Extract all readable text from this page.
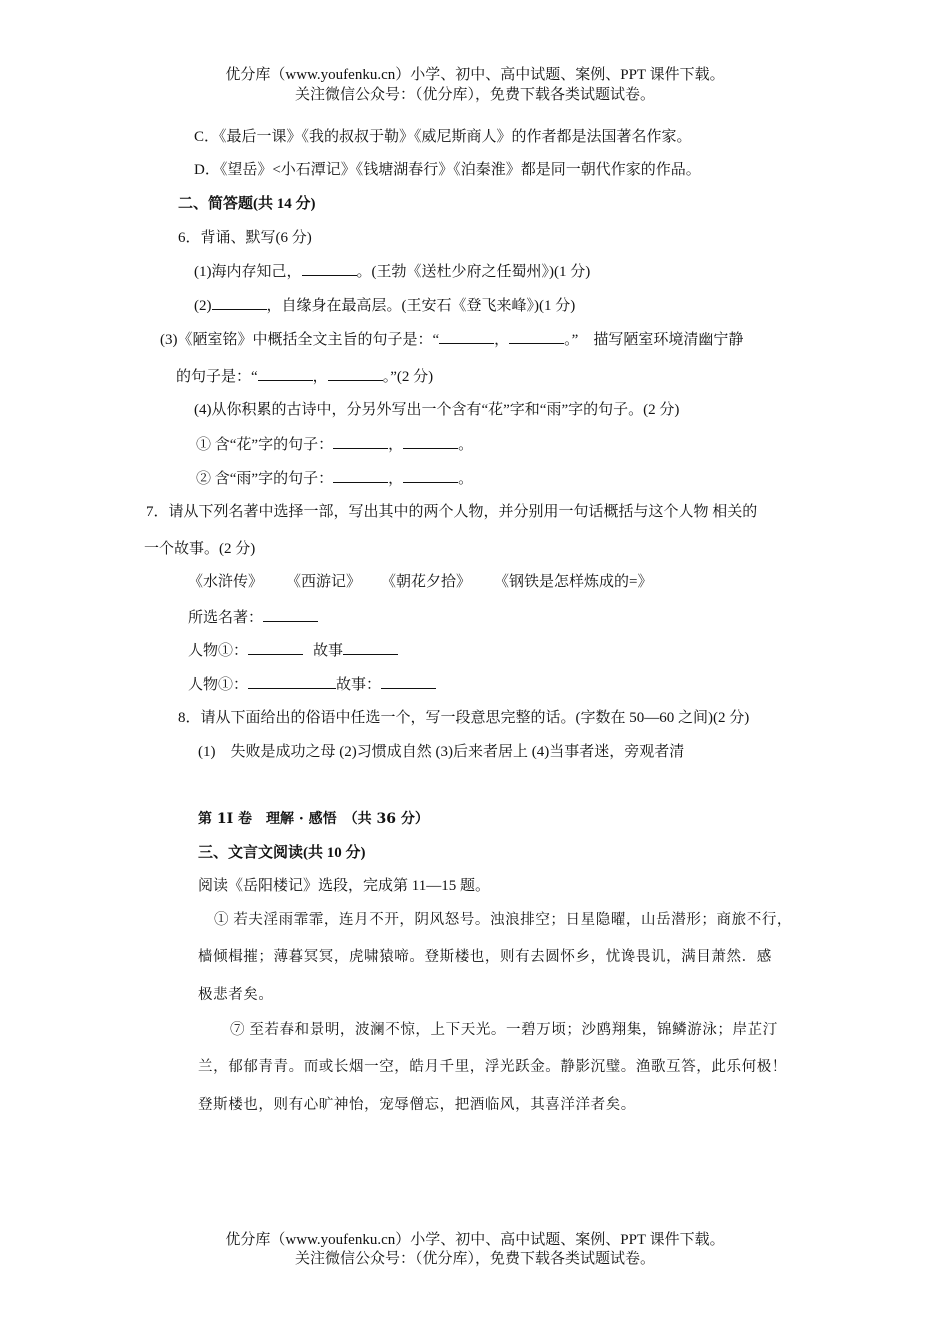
优分库（www.youfenku.cn）小学、初中、高中试题、案例、PPT 课件下载。
关注微信公众号：（优分库），免费下载各类试题试卷。
C．《最后一课》《我的叔叔于勒》《威尼斯商人》的作者都是法国著名作家。
D．《望岳》<小石潭记》《钱塘湖春行》《泊秦淮》都是同一朝代作家的作品。
二、简答题(共 14 分)
6．背诵、默写(6 分)
(1)海内存知己，	。(王勃《送杜少府之任蜀州》)(1 分)
(2)	，自缘身在最高层。(王安石《登飞来峰》)(1 分)
(3)《陋室铭》中概括全文主旨的句子是：“	，	。”　描写陋室环境清幽宁静
的句子是：“	，	。”(2 分)
(4)从你积累的古诗中，分另外写出一个含有“花”字和“雨”字的句子。(2 分)
① 含“花”字的句子：	，	。
② 含“雨”字的句子：	，	。
7．请从下列名著中选择一部，写出其中的两个人物，并分别用一句话概括与这个人物 相关的
一个故事。(2 分)
《水浒传》 《西游记》 《朝花夕拾》 《钢铁是怎样炼成的=》
所选名著：
人物①：	故事
人物①：	故事：
8．请从下面给出的俗语中任选一个，写一段意思完整的话。(字数在 50—60 之间)(2 分)
(1)　失败是成功之母 (2)习惯成自然 (3)后来者居上 (4)当事者迷，旁观者清
第 1I 卷　理解 · 感悟　（共 36 分）
三、文言文阅读(共 10 分)
阅读《岳阳楼记》选段，完成第 11—15 题。
① 若夫淫雨霏霏，连月不开，阴风怒号。浊浪排空；日星隐曜，山岳潜形；商旅不行，
樯倾楫摧；薄暮冥冥，虎啸猿啼。登斯楼也，则有去圆怀乡，忧谗畏讥，满目萧然．感
极悲者矣。
⑦ 至若春和景明，波澜不惊，上下天光。一碧万顷；沙鸥翔集，锦鳞游泳；岸芷汀
兰，郁郁青青。而或长烟一空，皓月千里，浮光跃金。静影沉璧。渔歌互答，此乐何极！
登斯楼也，则有心旷神怡，宠辱僧忘，把酒临风，其喜洋洋者矣。
优分库（www.youfenku.cn）小学、初中、高中试题、案例、PPT 课件下载。
关注微信公众号：（优分库），免费下载各类试题试卷。
